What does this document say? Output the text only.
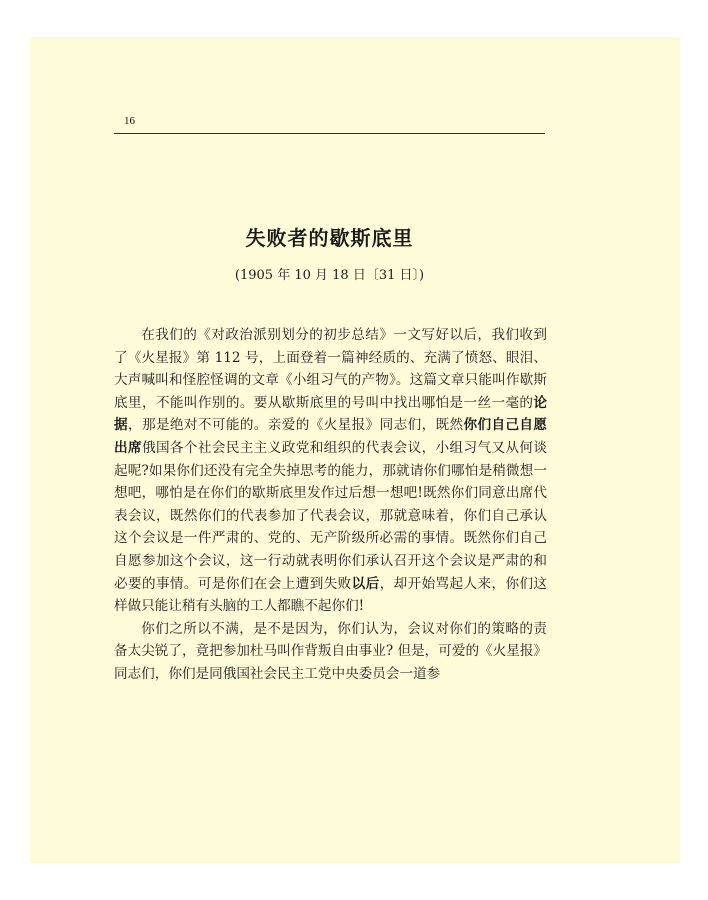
16
失败者的歇斯底里
(1905 年 10 月 18 日〔31 日〕)

在我们的《对政治派别划分的初步总结》一文写好以后，我们收到了《火星报》第 112 号，上面登着一篇神经质的、充满了愤怒、眼泪、大声喊叫和怪腔怪调的文章《小组习气的产物》。这篇文章只能叫作歇斯底里，不能叫作别的。要从歇斯底里的号叫中找出哪怕是一丝一毫的论据，那是绝对不可能的。亲爱的《火星报》同志们，既然你们自己自愿出席俄国各个社会民主主义政党和组织的代表会议，小组习气又从何谈起呢?如果你们还没有完全失掉思考的能力，那就请你们哪怕是稍微想一想吧，哪怕是在你们的歇斯底里发作过后想一想吧!既然你们同意出席代表会议，既然你们的代表参加了代表会议，那就意味着，你们自己承认这个会议是一件严肃的、党的、无产阶级所必需的事情。既然你们自己自愿参加这个会议，这一行动就表明你们承认召开这个会议是严肃的和必要的事情。可是你们在会上遭到失败以后，却开始骂起人来，你们这样做只能让稍有头脑的工人都瞧不起你们!

你们之所以不满，是不是因为，你们认为，会议对你们的策略的责备太尖锐了，竟把参加杜马叫作背叛自由事业? 但是，可爱的《火星报》同志们，你们是同俄国社会民主工党中央委员会一道参
